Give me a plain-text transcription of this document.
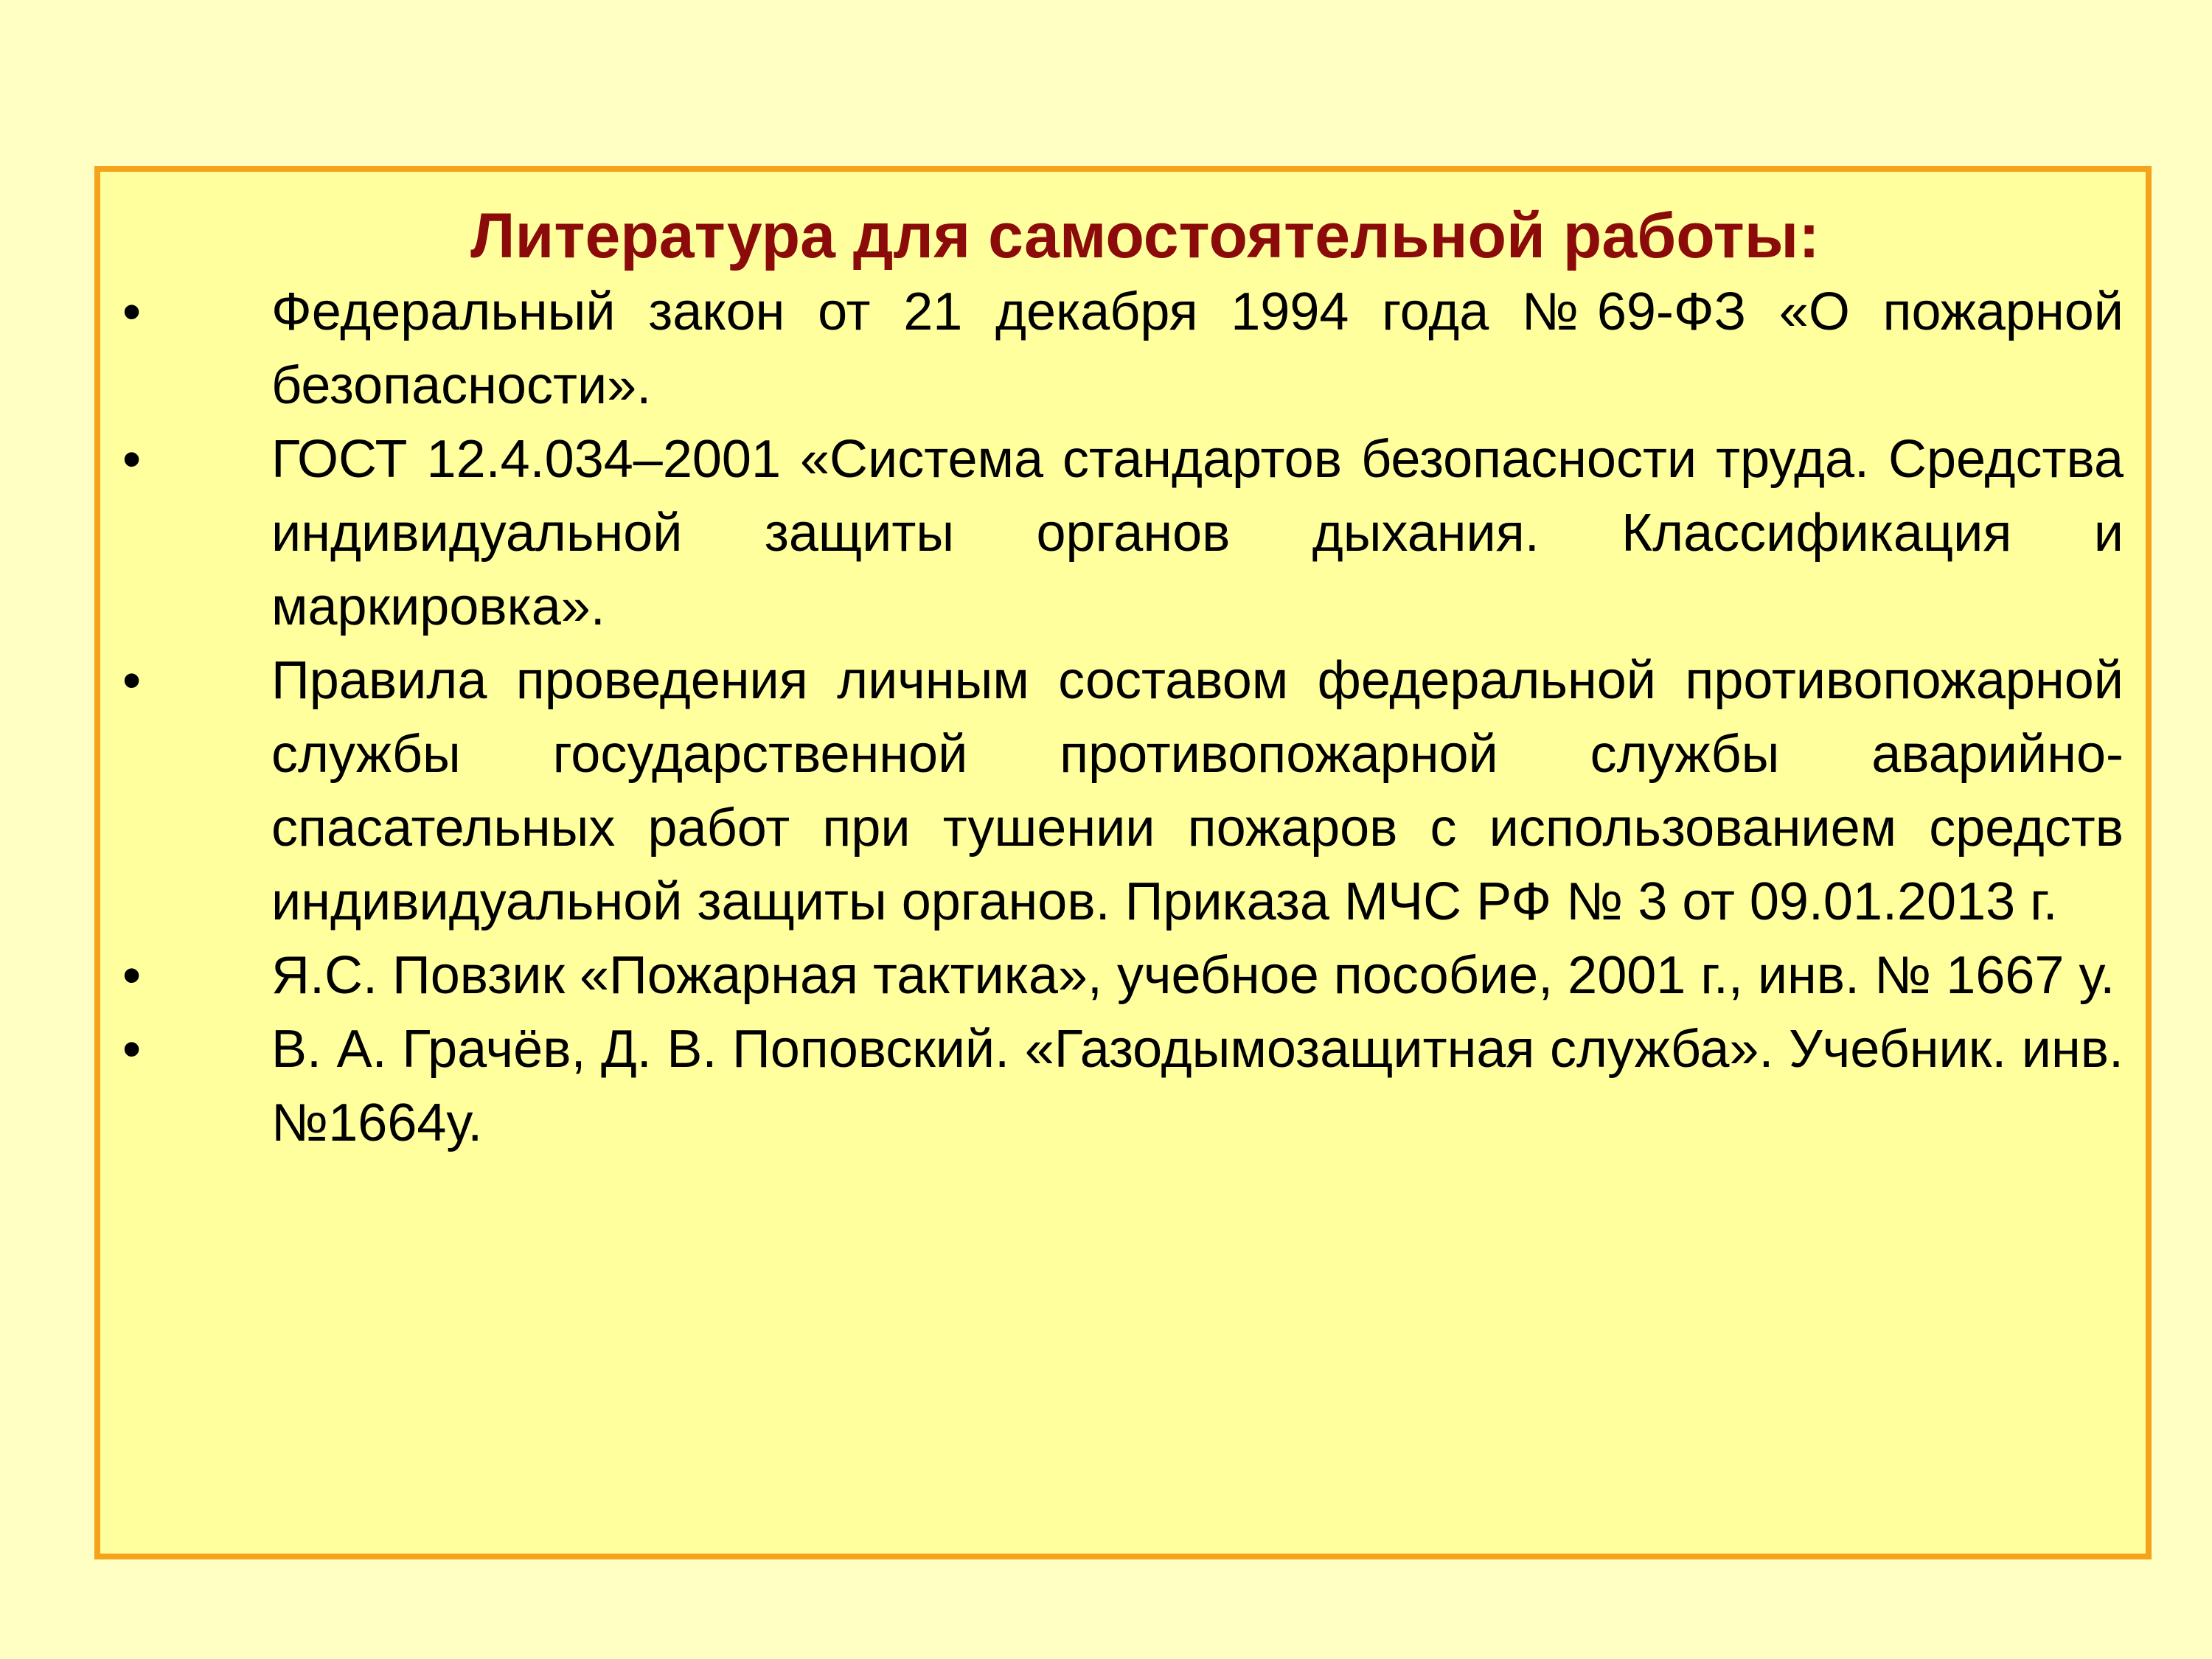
Литература для самостоятельной работы:
• Федеральный закон от 21 декабря 1994 года №69-ФЗ «О пожарной безопасности».
• ГОСТ 12.4.034–2001 «Система стандартов безопасности труда. Средства индивидуальной защиты органов дыхания. Классификация и маркировка».
• Правила проведения личным составом федеральной противопожарной службы государственной противопожарной службы аварийно-спасательных работ при тушении пожаров с использованием средств индивидуальной защиты органов. Приказа МЧС РФ № 3 от 09.01.2013 г.
• Я.С. Повзик «Пожарная тактика», учебное пособие, 2001 г., инв. № 1667 у.
• В. А. Грачёв, Д. В. Поповский. «Газодымозащитная служба». Учебник. инв. №1664у.
